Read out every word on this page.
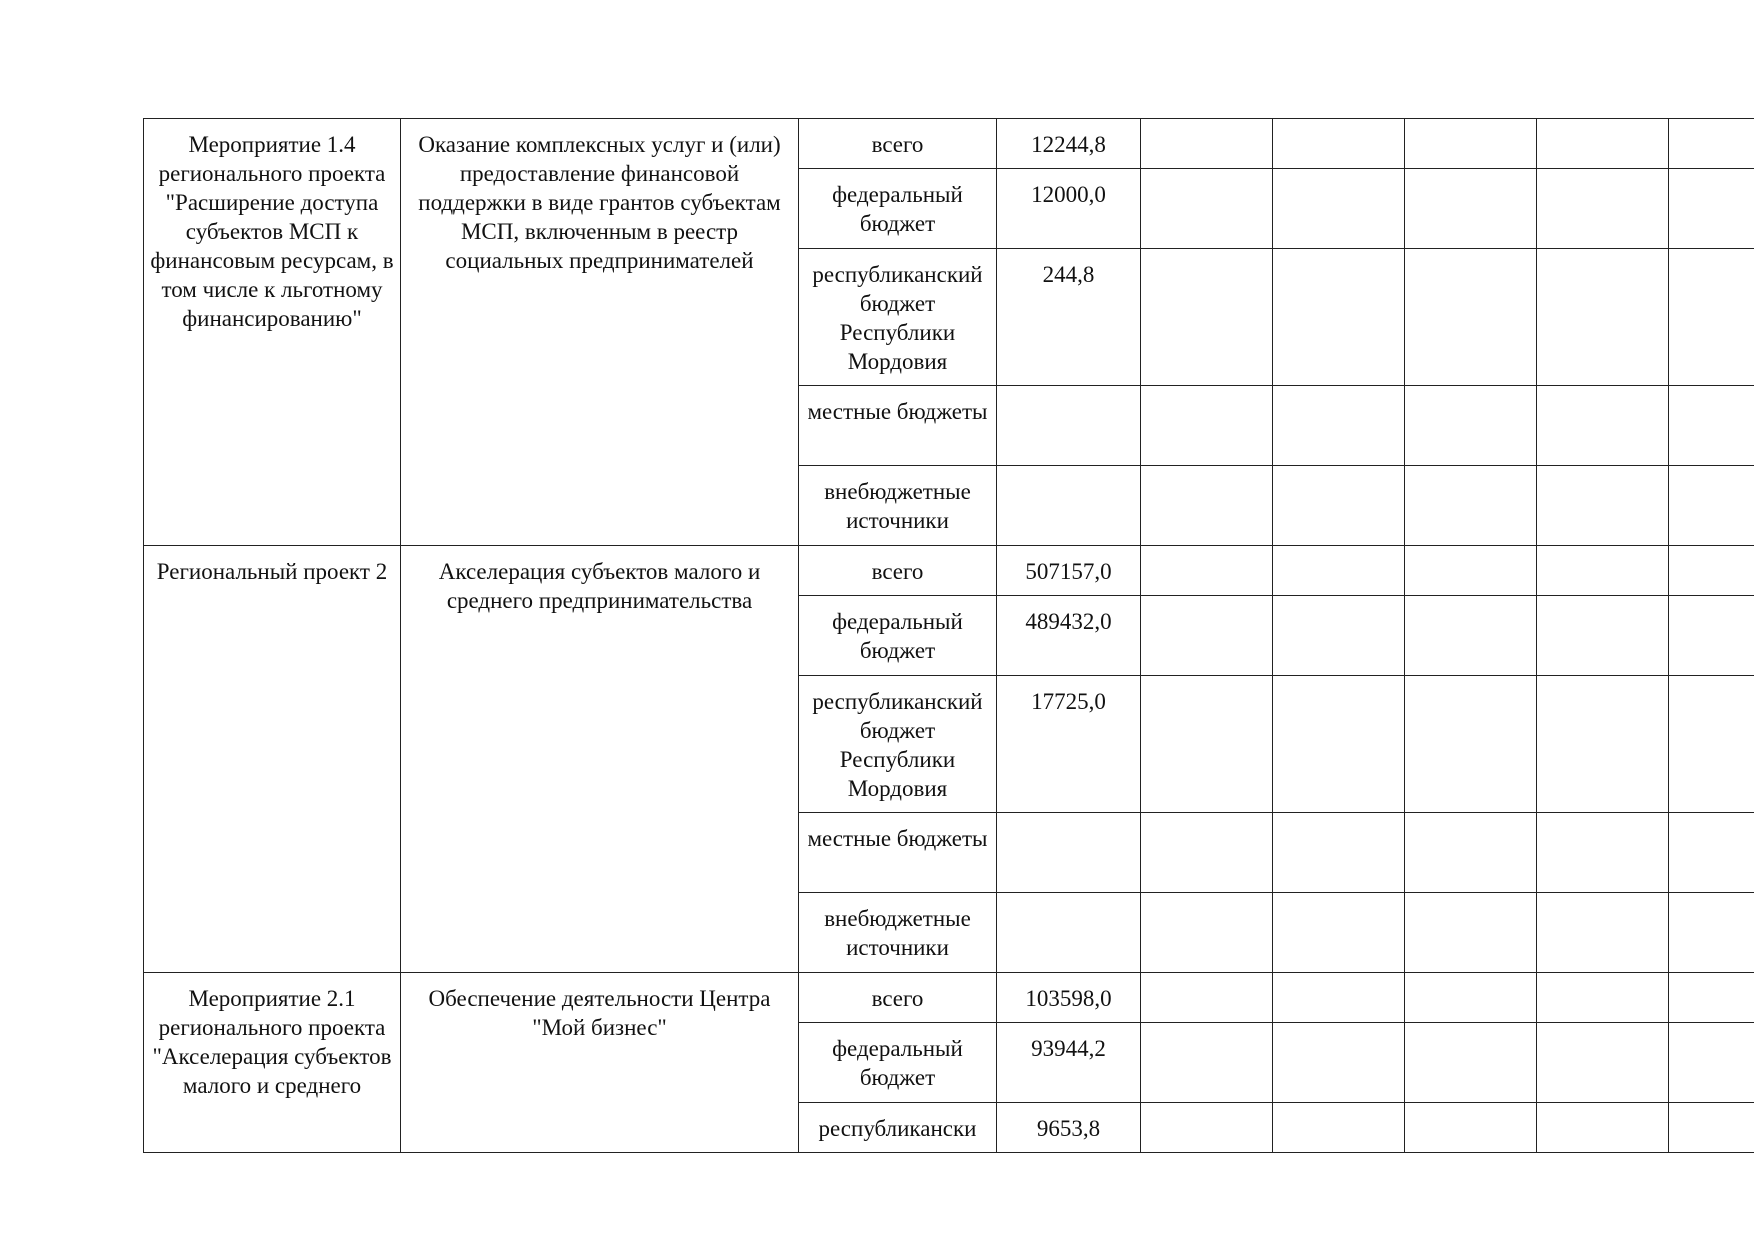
Мероприятие 1.4 регионального проекта "Расширение доступа субъектов МСП к финансовым ресурсам, в том числе к льготному финансированию"	Оказание комплексных услуг и (или) предоставление финансовой поддержки в виде грантов субъектам МСП, включенным в реестр социальных предпринимателей	всего	12244,8						
		федеральный бюджет	12000,0						
		республиканский бюджет Республики Мордовия	244,8						
		местные бюджеты							
		внебюджетные источники							
Региональный проект 2	Акселерация субъектов малого и среднего предпринимательства	всего	507157,0						
		федеральный бюджет	489432,0						
		республиканский бюджет Республики Мордовия	17725,0						
		местные бюджеты							
		внебюджетные источники							
Мероприятие 2.1 регионального проекта "Акселерация субъектов малого и среднего	Обеспечение деятельности Центра "Мой бизнес"	всего	103598,0						
		федеральный бюджет	93944,2						
		республикански	9653,8						
